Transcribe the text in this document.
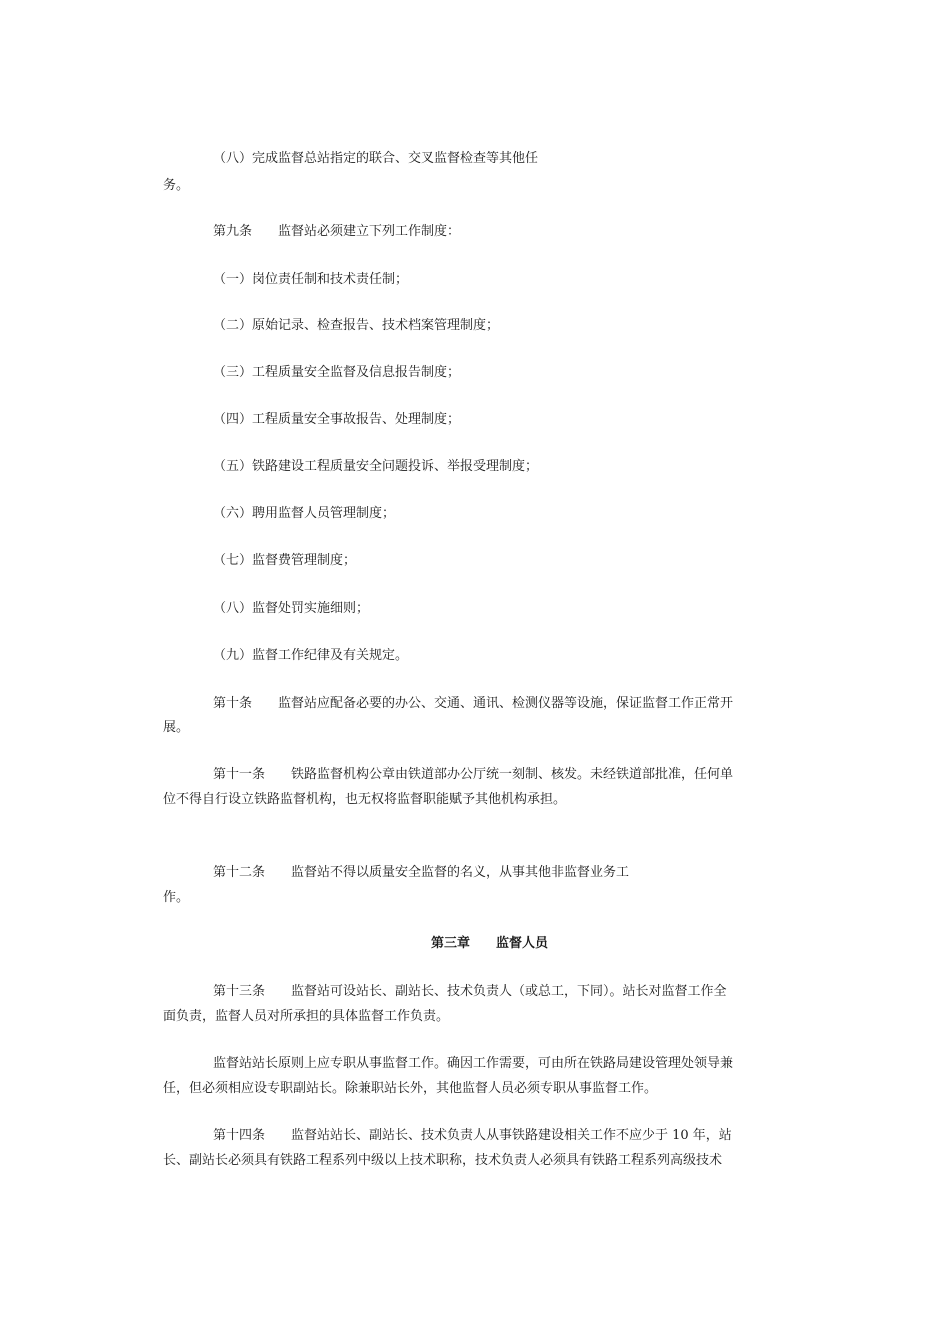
（八）完成监督总站指定的联合、交叉监督检查等其他任
务。
第九条　　监督站必须建立下列工作制度：
（一）岗位责任制和技术责任制；
（二）原始记录、检查报告、技术档案管理制度；
（三）工程质量安全监督及信息报告制度；
（四）工程质量安全事故报告、处理制度；
（五）铁路建设工程质量安全问题投诉、举报受理制度；
（六）聘用监督人员管理制度；
（七）监督费管理制度；
（八）监督处罚实施细则；
（九）监督工作纪律及有关规定。
第十条　　监督站应配备必要的办公、交通、通讯、检测仪器等设施，保证监督工作正常开
展。
第十一条　　铁路监督机构公章由铁道部办公厅统一刻制、核发。未经铁道部批准，任何单
位不得自行设立铁路监督机构，也无权将监督职能赋予其他机构承担。
第十二条　　监督站不得以质量安全监督的名义，从事其他非监督业务工
作。
第三章　　监督人员
第十三条　　监督站可设站长、副站长、技术负责人（或总工，下同）。站长对监督工作全
面负责，监督人员对所承担的具体监督工作负责。
监督站站长原则上应专职从事监督工作。确因工作需要，可由所在铁路局建设管理处领导兼
任，但必须相应设专职副站长。除兼职站长外，其他监督人员必须专职从事监督工作。
第十四条　　监督站站长、副站长、技术负责人从事铁路建设相关工作不应少于 10 年，站
长、副站长必须具有铁路工程系列中级以上技术职称，技术负责人必须具有铁路工程系列高级技术
